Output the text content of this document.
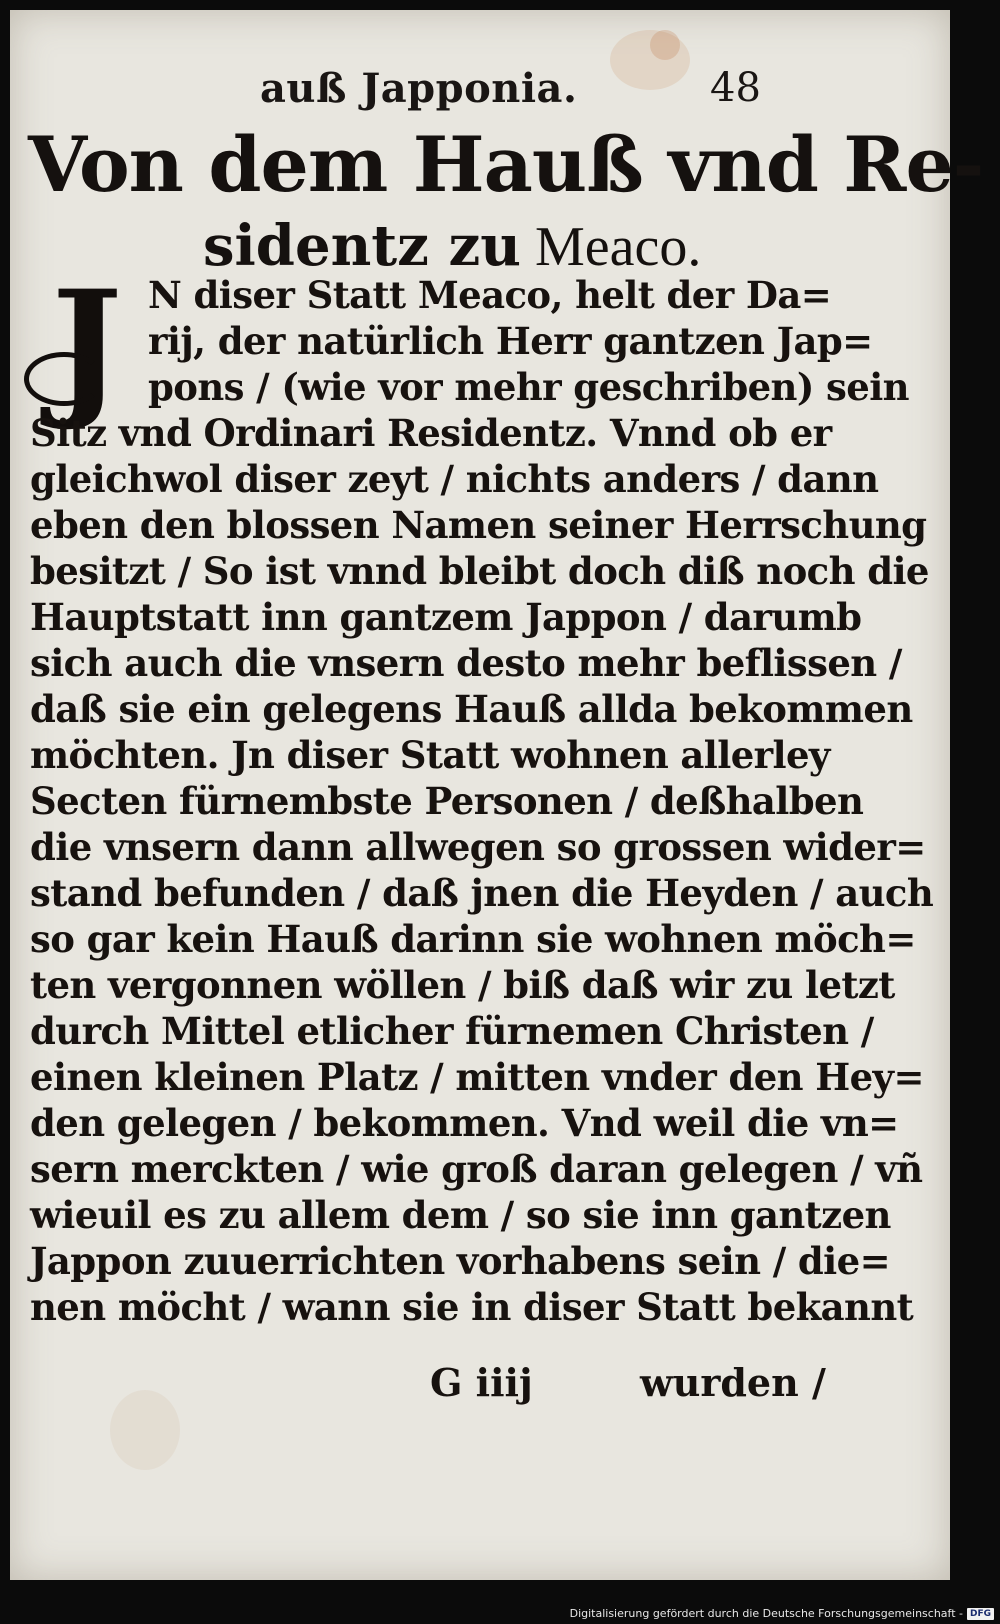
auß Japponia.	48
Von dem Hauß vnd Re-
sidentz zu Meaco.
J N diser Statt Meaco, helt der Da=
rij, der natürlich Herr gantzen Jap=
pons / (wie vor mehr geschriben) sein
Sitz vnd Ordinari Residentz. Vnnd ob er
gleichwol diser zeyt / nichts anders / dann
eben den blossen Namen seiner Herrschung
besitzt / So ist vnnd bleibt doch diß noch die
Hauptstatt inn gantzem Jappon / darumb
sich auch die vnsern desto mehr beflissen /
daß sie ein gelegens Hauß allda bekommen
möchten. Jn diser Statt wohnen allerley
Secten fürnembste Personen / deßhalben
die vnsern dann allwegen so grossen wider=
stand befunden / daß jnen die Heyden / auch
so gar kein Hauß darinn sie wohnen möch=
ten vergonnen wöllen / biß daß wir zu letzt
durch Mittel etlicher fürnemen Christen /
einen kleinen Platz / mitten vnder den Hey=
den gelegen / bekommen. Vnd weil die vn=
sern merckten / wie groß daran gelegen / vñ
wieuil es zu allem dem / so sie inn gantzen
Jappon zuuerrichten vorhabens sein / die=
nen möcht / wann sie in diser Statt bekannt
G iiij	wurden /
Digitalisierung gefördert durch die Deutsche Forschungsgemeinschaft - DFG
